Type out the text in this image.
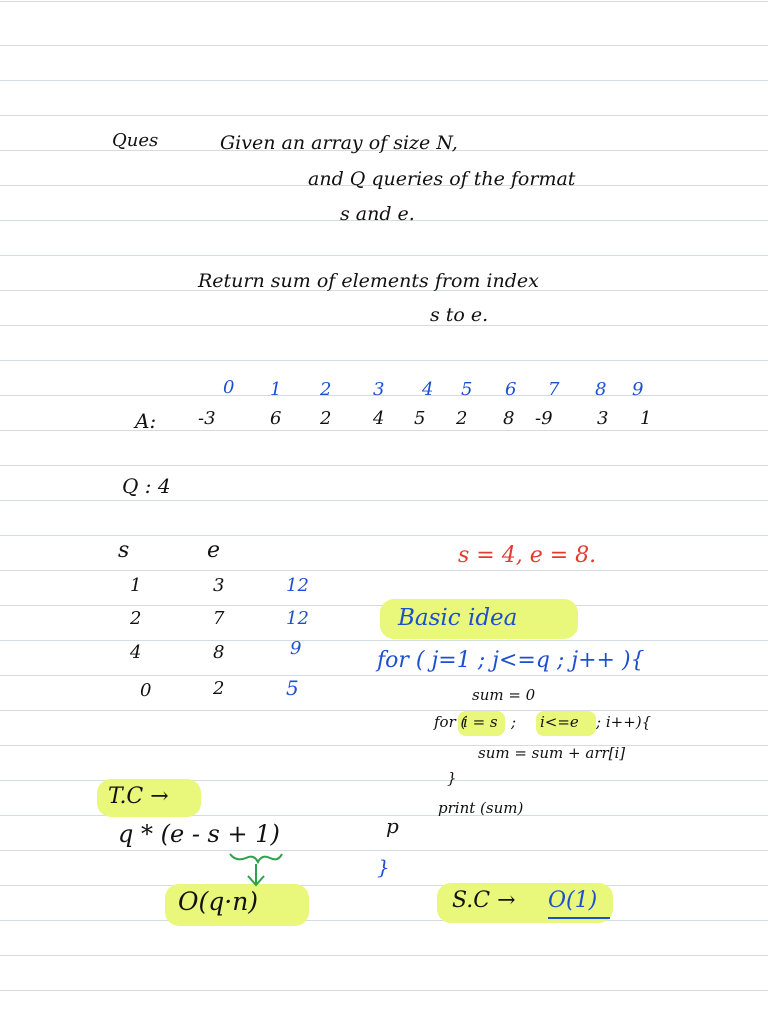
Ques	Given an array of size N,
and Q queries of the format
s and e.
Return sum of elements from index
s to e.
0 1 2 3 4 5 6 7 8 9
A: -3	6 2 4 5 2 8 -9 3 1
Q : 4
s	e
1	3	12
2	7	12
4	8	9
0	2	5
s = 4, e = 8.
Basic idea
for ( j=1 ; j<=q ; j++ ){
sum = 0
for (
i = s ; i<=e ; i++){
sum = sum + arr[i]
}
print (sum)
p
}
T.C →
q * (e - s + 1)
O(q·n)	S.C → O(1)
